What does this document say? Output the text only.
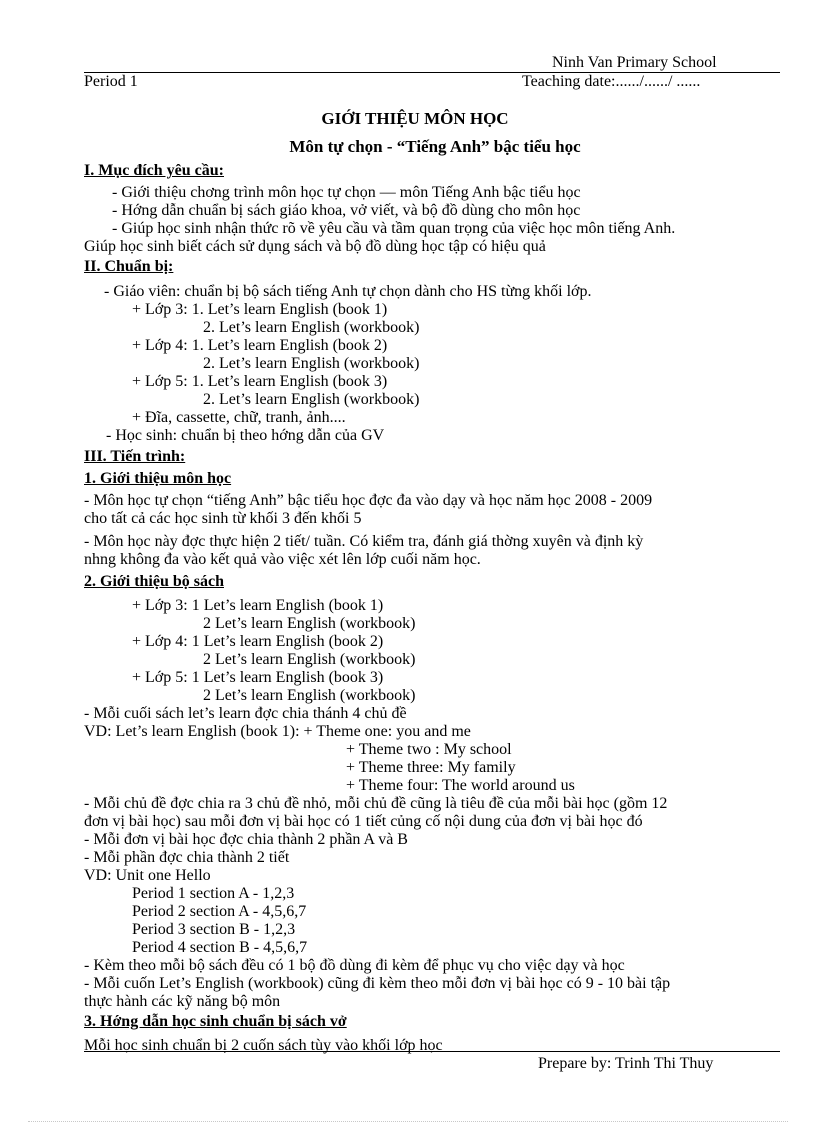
Ninh Van Primary School
Period 1	Teaching date:....../....../ ......
GIỚI THIỆU MÔN HỌC
Môn tự chọn - “Tiếng Anh” bậc tiểu học
I. Mục đích yêu cầu:
- Giới thiệu chơng trình môn học tự chọn — môn Tiếng Anh bậc tiểu học
- Hớng dẫn chuẩn bị sách giáo khoa, vở viết, và bộ đồ dùng cho môn học
- Giúp học sinh nhận thức rõ về yêu cầu và tầm quan trọng của việc học môn tiếng Anh.
Giúp học sinh biết cách sử dụng sách và bộ đồ dùng học tập có hiệu quả
II. Chuẩn bị:
- Giáo viên: chuẩn bị bộ sách tiếng Anh tự chọn dành cho HS từng khối lớp.
+ Lớp 3: 1. Let’s learn English (book 1)
2. Let’s learn English (workbook)
+ Lớp 4: 1. Let’s learn English (book 2)
2. Let’s learn English (workbook)
+ Lớp 5: 1. Let’s learn English (book 3)
2. Let’s learn English (workbook)
+ Đĩa, cassette, chữ, tranh, ảnh....
- Học sinh: chuẩn bị theo hớng dẫn của GV
III. Tiến trình:
1. Giới thiệu môn học
- Môn học tự chọn “tiếng Anh” bậc tiểu học đợc đa vào dạy và học năm học 2008 - 2009
cho tất cả các học sinh từ khối 3 đến khối 5
- Môn học này đợc thực hiện 2 tiết/ tuần. Có kiểm tra, đánh giá thờng xuyên và định kỳ
nhng không đa vào kết quả vào việc xét lên lớp cuối năm học.
2. Giới thiệu bộ sách
+ Lớp 3: 1 Let’s learn English (book 1)
2 Let’s learn English (workbook)
+ Lớp 4: 1 Let’s learn English (book 2)
2 Let’s learn English (workbook)
+ Lớp 5: 1 Let’s learn English (book 3)
2 Let’s learn English (workbook)
- Mỗi cuối sách let’s learn đợc chia thánh 4 chủ đề
VD: Let’s learn English (book 1): + Theme one: you and me
+ Theme two : My school
+ Theme three: My family
+ Theme four: The world around us
- Mỗi chủ đề đợc chia ra 3 chủ đề nhỏ, mỗi chủ đề cũng là tiêu đề của mỗi bài học (gồm 12
đơn vị bài học) sau mỗi đơn vị bài học có 1 tiết củng cố nội dung của đơn vị bài học đó
- Mỗi đơn vị bài học đợc chia thành 2 phần A và B
- Mỗi phần đợc chia thành 2 tiết
VD: Unit one Hello
Period 1 section A - 1,2,3
Period 2 section A - 4,5,6,7
Period 3 section B - 1,2,3
Period 4 section B - 4,5,6,7
- Kèm theo mỗi bộ sách đều có 1 bộ đồ dùng đi kèm để phục vụ cho việc dạy và học
- Mỗi cuốn Let’s English (workbook) cũng đi kèm theo mỗi đơn vị bài học có 9 - 10 bài tập
thực hành các kỹ năng bộ môn
3. Hớng dẫn học sinh chuẩn bị sách vở
Mỗi học sinh chuẩn bị 2 cuốn sách tùy vào khối lớp học
Prepare by: Trinh Thi Thuy
